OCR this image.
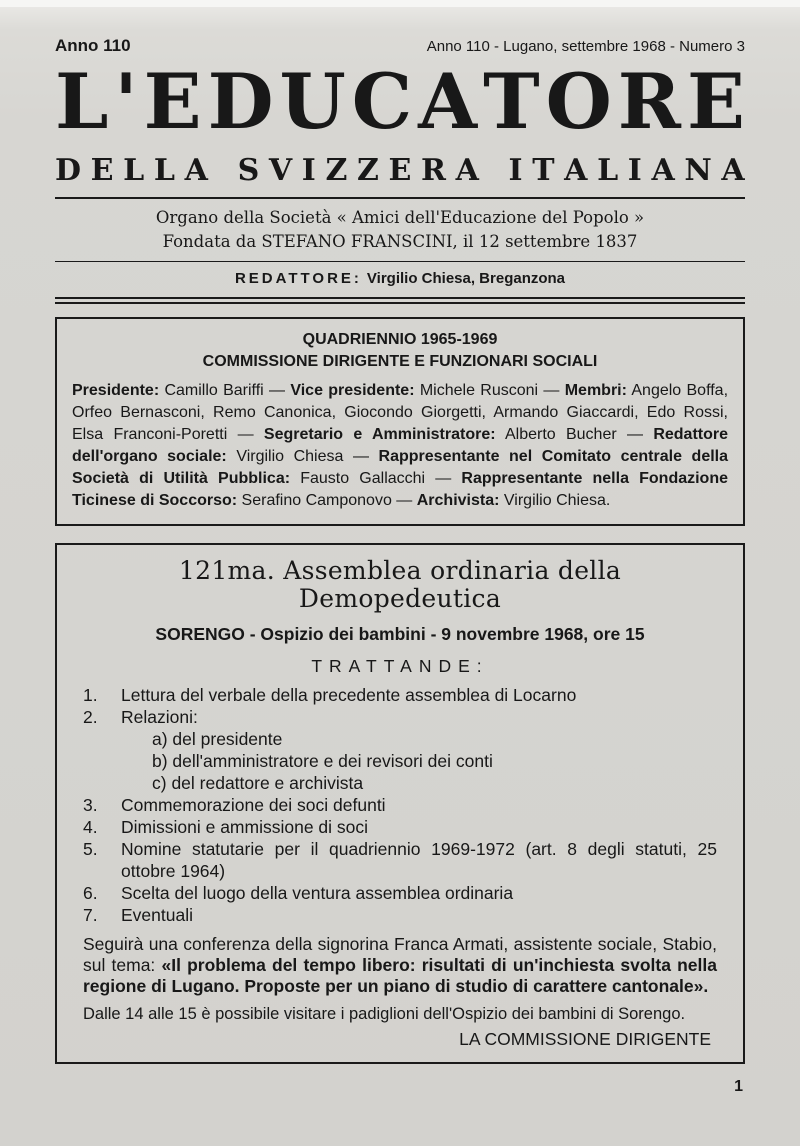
Anno 110	Anno 110 - Lugano, settembre 1968 - Numero 3
L ' E D U C A T O R E
D E L L A
S V I Z Z E R A
I T A L I A N A
Organo della Società « Amici dell'Educazione del Popolo »
Fondata da STEFANO FRANSCINI, il 12 settembre 1837
REDATTORE: Virgilio Chiesa, Breganzona
QUADRIENNIO 1965-1969
COMMISSIONE DIRIGENTE E FUNZIONARI SOCIALI

Presidente: Camillo Bariffi — Vice presidente: Michele Rusconi — Membri: Angelo Boffa, Orfeo Bernasconi, Remo Canonica, Giocondo Giorgetti, Armando Giaccardi, Edo Rossi, Elsa Franconi-Poretti — Segretario e Amministratore: Alberto Bucher — Redattore dell'organo sociale: Virgilio Chiesa — Rappresentante nel Comitato centrale della Società di Utilità Pubblica: Fausto Gallacchi — Rappresentante nella Fondazione Ticinese di Soccorso: Serafino Camponovo — Archivista: Virgilio Chiesa.

121ma. Assemblea ordinaria della Demopedeutica
SORENGO - Ospizio dei bambini - 9 novembre 1968, ore 15
TRATTANDE:
1.	Lettura del verbale della precedente assemblea di Locarno
2.	Relazioni:
a) del presidente
b) dell'amministratore e dei revisori dei conti
c) del redattore e archivista
3.	Commemorazione dei soci defunti
4.	Dimissioni e ammissione di soci
5.	Nomine statutarie per il quadriennio 1969-1972 (art. 8 degli statuti, 25 ottobre 1964)
6.	Scelta del luogo della ventura assemblea ordinaria
7.	Eventuali

Seguirà una conferenza della signorina Franca Armati, assistente sociale, Stabio, sul tema: «Il problema del tempo libero: risultati di un'inchiesta svolta nella regione di Lugano. Proposte per un piano di studio di carattere cantonale».

Dalle 14 alle 15 è possibile visitare i padiglioni dell'Ospizio dei bambini di Sorengo.

LA COMMISSIONE DIRIGENTE
1
